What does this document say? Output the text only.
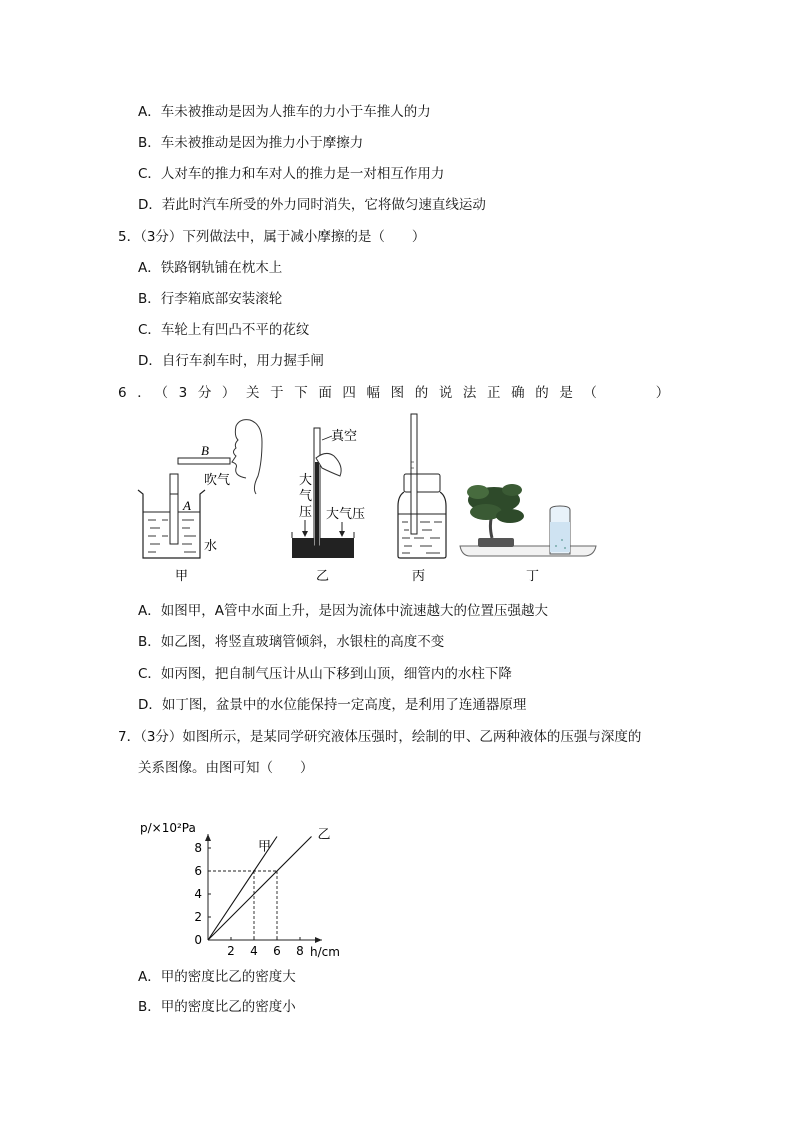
A．车未被推动是因为人推车的力小于车推人的力
B．车未被推动是因为推力小于摩擦力
C．人对车的推力和车对人的推力是一对相互作用力
D．若此时汽车所受的外力同时消失，它将做匀速直线运动
5．（3分）下列做法中，属于减小摩擦的是（　　）
A．铁路钢轨铺在枕木上
B．行李箱底部安装滚轮
C．车轮上有凹凸不平的花纹
D．自行车刹车时，用力握手闸
6．（3分）关于下面四幅图的说法正确的是（　　）
B
A
吹气
水
甲
真空
大
气
压 大气压
乙	丙	丁
A．如图甲，A管中水面上升，是因为流体中流速越大的位置压强越大
B．如乙图，将竖直玻璃管倾斜，水银柱的高度不变
C．如丙图，把自制气压计从山下移到山顶，细管内的水柱下降
D．如丁图，盆景中的水位能保持一定高度，是利用了连通器原理
7．（3分）如图所示，是某同学研究液体压强时，绘制的甲、乙两种液体的压强与深度的
关系图像。由图可知（　　）
2 4 6 8
2
4
6
8
0
h/cm
p/×10²Pa
甲
乙
A．甲的密度比乙的密度大
B．甲的密度比乙的密度小
